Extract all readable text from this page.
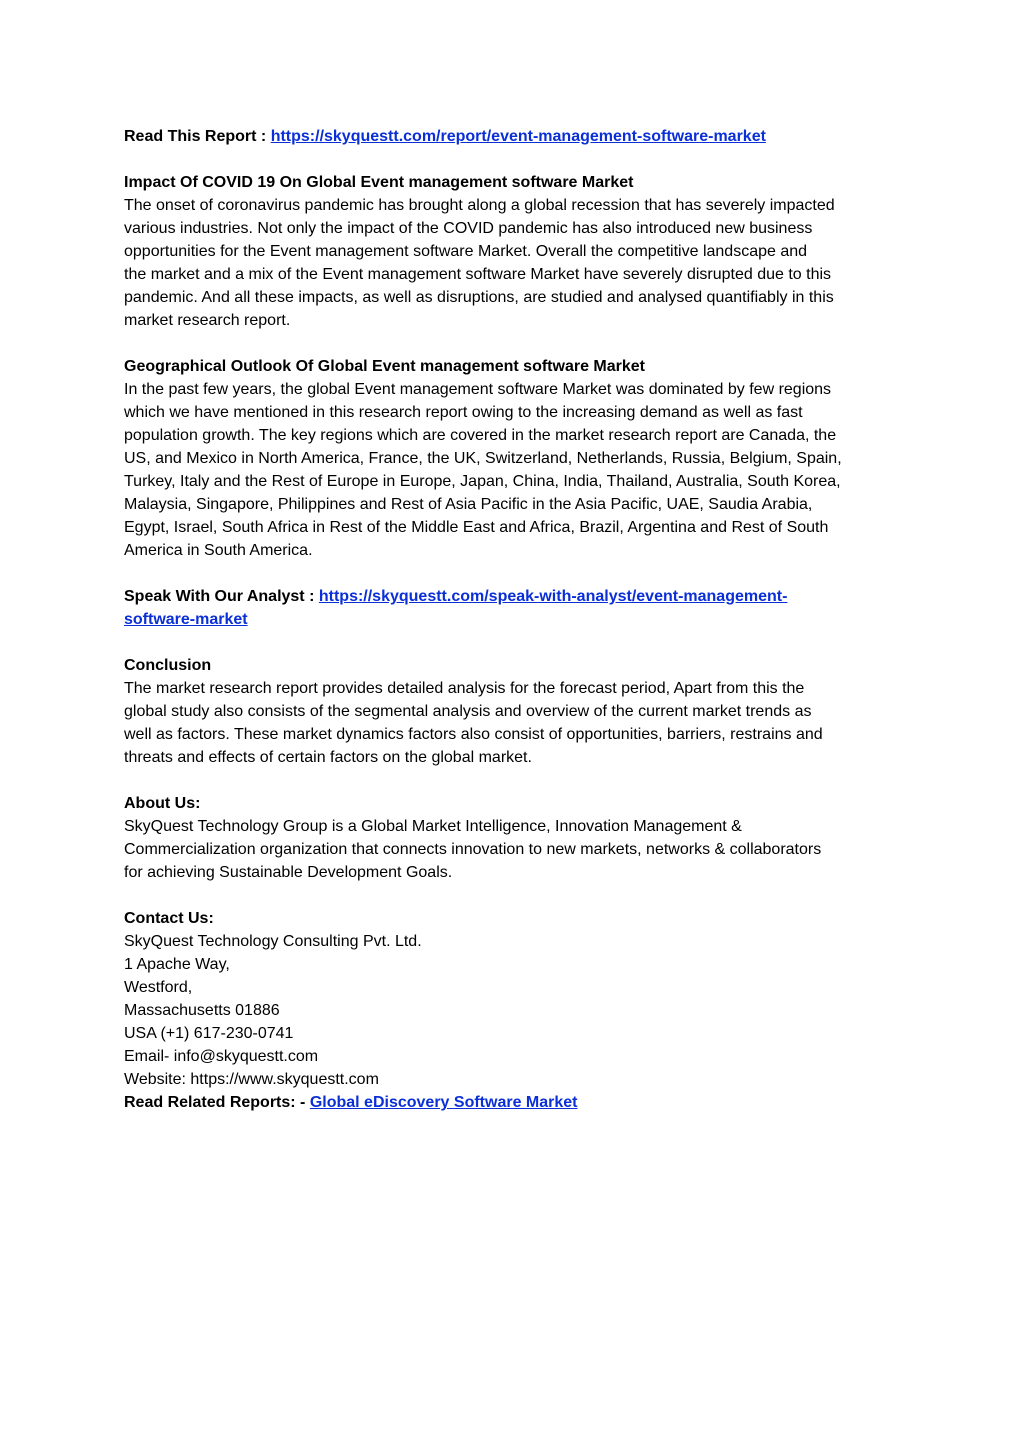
Read This Report : https://skyquestt.com/report/event-management-software-market
Impact Of COVID 19 On Global Event management software Market
The onset of coronavirus pandemic has brought along a global recession that has severely impacted
various industries. Not only the impact of the COVID pandemic has also introduced new business
opportunities for the Event management software Market. Overall the competitive landscape and
the market and a mix of the Event management software Market have severely disrupted due to this
pandemic. And all these impacts, as well as disruptions, are studied and analysed quantifiably in this
market research report.
Geographical Outlook Of Global Event management software Market
In the past few years, the global Event management software Market was dominated by few regions
which we have mentioned in this research report owing to the increasing demand as well as fast
population growth. The key regions which are covered in the market research report are Canada, the
US, and Mexico in North America, France, the UK, Switzerland, Netherlands, Russia, Belgium, Spain,
Turkey, Italy and the Rest of Europe in Europe, Japan, China, India, Thailand, Australia, South Korea,
Malaysia, Singapore, Philippines and Rest of Asia Pacific in the Asia Pacific, UAE, Saudia Arabia,
Egypt, Israel, South Africa in Rest of the Middle East and Africa, Brazil, Argentina and Rest of South
America in South America.
Speak With Our Analyst : https://skyquestt.com/speak-with-analyst/event-management-
software-market
Conclusion
The market research report provides detailed analysis for the forecast period, Apart from this the
global study also consists of the segmental analysis and overview of the current market trends as
well as factors. These market dynamics factors also consist of opportunities, barriers, restrains and
threats and effects of certain factors on the global market.
About Us:
SkyQuest Technology Group is a Global Market Intelligence, Innovation Management &
Commercialization organization that connects innovation to new markets, networks & collaborators
for achieving Sustainable Development Goals.
Contact Us:
SkyQuest Technology Consulting Pvt. Ltd.
1 Apache Way,
Westford,
Massachusetts 01886
USA (+1) 617-230-0741
Email- info@skyquestt.com
Website: https://www.skyquestt.com
Read Related Reports: - Global eDiscovery Software Market
